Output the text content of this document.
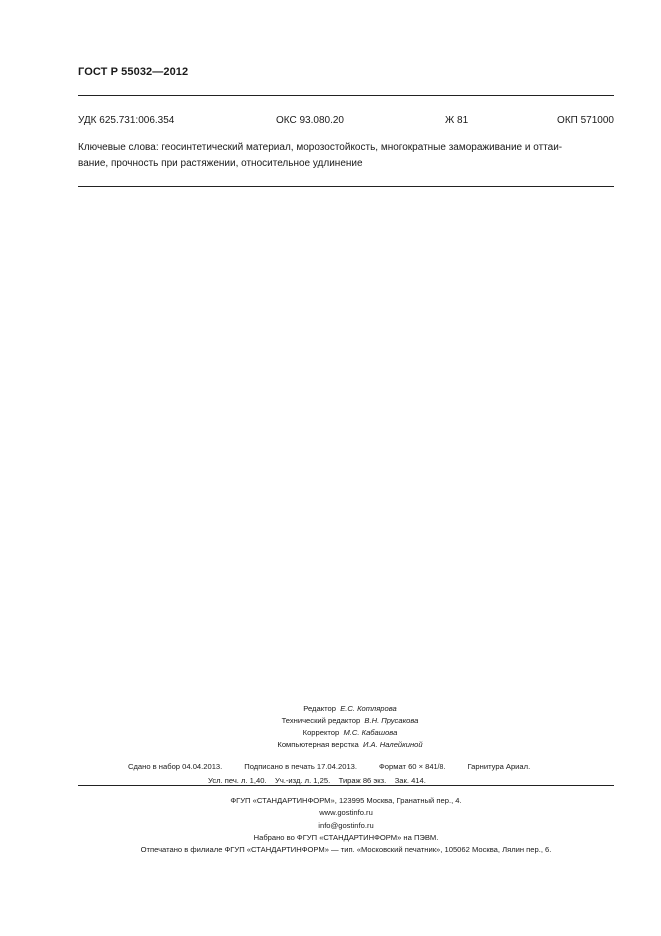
ГОСТ Р 55032—2012
УДК 625.731:006.354	ОКС 93.080.20	Ж 81	ОКП 571000
Ключевые слова: геосинтетический материал, морозостойкость, многократные замораживание и оттаи-
вание, прочность при растяжении, относительное удлинение
Редактор Е.С. Котлярова
Технический редактор В.Н. Прусакова
Корректор М.С. Кабашова
Компьютерная верстка И.А. Налейкиной
Сдано в набор 04.04.2013.	Подписано в печать 17.04.2013.	Формат 60 × 841/8.	Гарнитура Ариал.
Усл. печ. л. 1,40. Уч.-изд. л. 1,25. Тираж 86 экз. Зак. 414.
ФГУП «СТАНДАРТИНФОРМ», 123995 Москва, Гранатный пер., 4.
www.gostinfo.ru
info@gostinfo.ru
Набрано во ФГУП «СТАНДАРТИНФОРМ» на ПЭВМ.
Отпечатано в филиале ФГУП «СТАНДАРТИНФОРМ» — тип. «Московский печатник», 105062 Москва, Лялин пер., 6.
